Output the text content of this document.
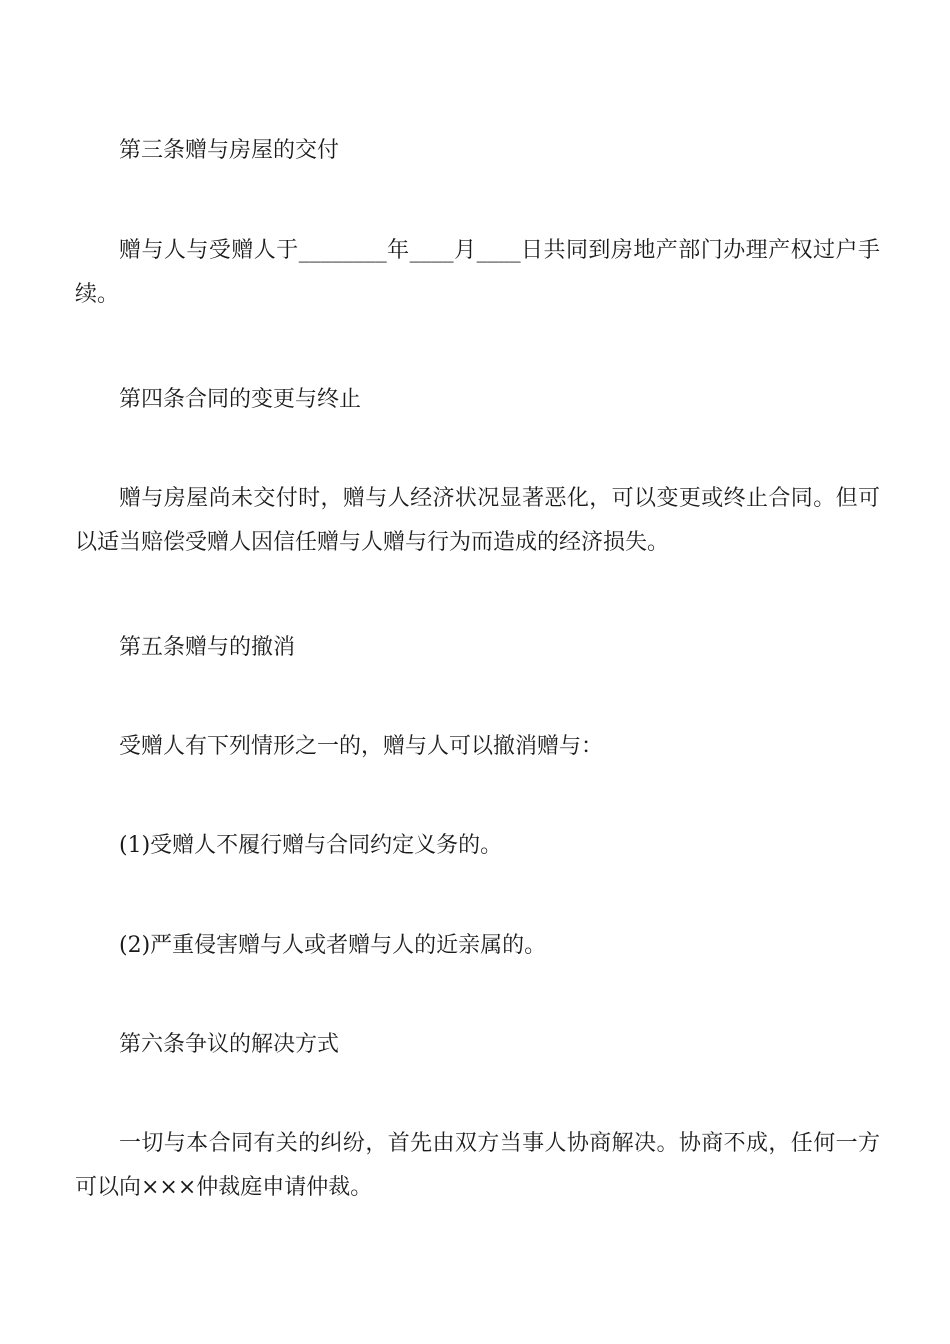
第三条赠与房屋的交付

赠与人与受赠人于________年____月____日共同到房地产部门办理产权过户手续。

第四条合同的变更与终止

赠与房屋尚未交付时，赠与人经济状况显著恶化，可以变更或终止合同。但可以适当赔偿受赠人因信任赠与人赠与行为而造成的经济损失。

第五条赠与的撤消

受赠人有下列情形之一的，赠与人可以撤消赠与：

(1)受赠人不履行赠与合同约定义务的。

(2)严重侵害赠与人或者赠与人的近亲属的。

第六条争议的解决方式

一切与本合同有关的纠纷，首先由双方当事人协商解决。协商不成，任何一方可以向×××仲裁庭申请仲裁。
